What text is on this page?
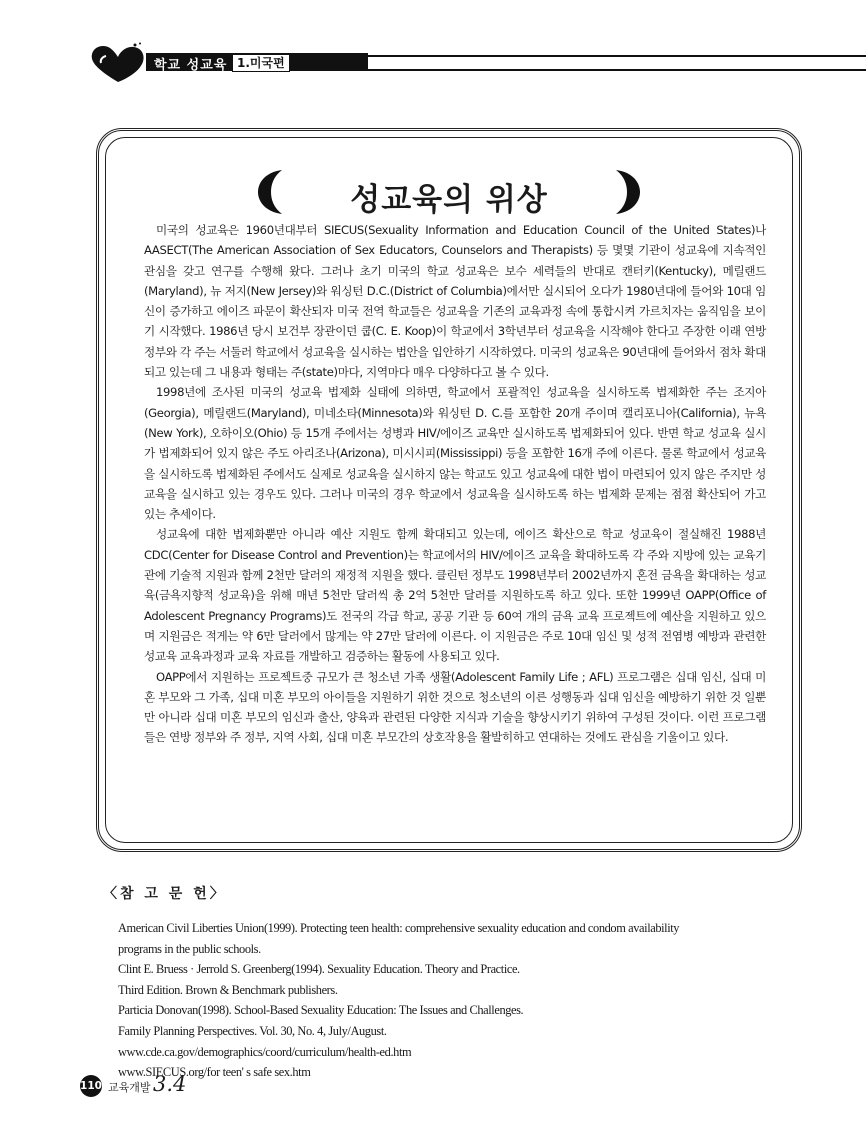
학교 성교육 1.미국편
성교육의 위상

미국의 성교육은 1960년대부터 SIECUS(Sexuality Information and Education Council of the United States)나 AASECT(The American Association of Sex Educators, Counselors and Therapists) 등 몇몇 기관이 성교육에 지속적인 관심을 갖고 연구를 수행해 왔다. 그러나 초기 미국의 학교 성교육은 보수 세력들의 반대로 캔터키(Kentucky), 메릴랜드(Maryland), 뉴 저지(New Jersey)와 워싱턴 D.C.(District of Columbia)에서만 실시되어 오다가 1980년대에 들어와 10대 임신이 증가하고 에이즈 파문이 확산되자 미국 전역 학교들은 성교육을 기존의 교육과정 속에 통합시켜 가르치자는 움직임을 보이기 시작했다. 1986년 당시 보건부 장관이던 쿱(C. E. Koop)이 학교에서 3학년부터 성교육을 시작해야 한다고 주장한 이래 연방 정부와 각 주는 서둘러 학교에서 성교육을 실시하는 법안을 입안하기 시작하였다. 미국의 성교육은 90년대에 들어와서 점차 확대되고 있는데 그 내용과 형태는 주(state)마다, 지역마다 매우 다양하다고 볼 수 있다.

1998년에 조사된 미국의 성교육 법제화 실태에 의하면, 학교에서 포괄적인 성교육을 실시하도록 법제화한 주는 조지아(Georgia), 메릴랜드(Maryland), 미네소타(Minnesota)와 워싱턴 D. C.를 포함한 20개 주이며 캘리포니아(California), 뉴욕(New York), 오하이오(Ohio) 등 15개 주에서는 성병과 HIV/에이즈 교육만 실시하도록 법제화되어 있다. 반면 학교 성교육 실시가 법제화되어 있지 않은 주도 아리조나(Arizona), 미시시피(Mississippi) 등을 포함한 16개 주에 이른다. 물론 학교에서 성교육을 실시하도록 법제화된 주에서도 실제로 성교육을 실시하지 않는 학교도 있고 성교육에 대한 법이 마련되어 있지 않은 주지만 성교육을 실시하고 있는 경우도 있다. 그러나 미국의 경우 학교에서 성교육을 실시하도록 하는 법제화 문제는 점점 확산되어 가고 있는 추세이다.

성교육에 대한 법제화뿐만 아니라 예산 지원도 함께 확대되고 있는데, 에이즈 확산으로 학교 성교육이 절실해진 1988년 CDC(Center for Disease Control and Prevention)는 학교에서의 HIV/에이즈 교육을 확대하도록 각 주와 지방에 있는 교육기관에 기술적 지원과 함께 2천만 달러의 재정적 지원을 했다. 클린턴 정부도 1998년부터 2002년까지 혼전 금욕을 확대하는 성교육(금욕지향적 성교육)을 위해 매년 5천만 달러씩 총 2억 5천만 달러를 지원하도록 하고 있다. 또한 1999년 OAPP(Office of Adolescent Pregnancy Programs)도 전국의 각급 학교, 공공 기관 등 60여 개의 금욕 교육 프로젝트에 예산을 지원하고 있으며 지원금은 적게는 약 6만 달러에서 많게는 약 27만 달러에 이른다. 이 지원금은 주로 10대 임신 및 성적 전염병 예방과 관련한 성교육 교육과정과 교육 자료를 개발하고 검증하는 활동에 사용되고 있다.

OAPP에서 지원하는 프로젝트중 규모가 큰 청소년 가족 생활(Adolescent Family Life ; AFL) 프로그램은 십대 임신, 십대 미혼 부모와 그 가족, 십대 미혼 부모의 아이들을 지원하기 위한 것으로 청소년의 이른 성행동과 십대 임신을 예방하기 위한 것 일뿐만 아니라 십대 미혼 부모의 임신과 출산, 양육과 관련된 다양한 지식과 기술을 향상시키기 위하여 구성된 것이다. 이런 프로그램들은 연방 정부와 주 정부, 지역 사회, 십대 미혼 부모간의 상호작용을 활발히하고 연대하는 것에도 관심을 기울이고 있다.

〈참 고 문 헌〉
American Civil Liberties Union(1999). Protecting teen health: comprehensive sexuality education and condom availability
programs in the public schools.
Clint E. Bruess · Jerrold S. Greenberg(1994). Sexuality Education. Theory and Practice.
Third Edition. Brown & Benchmark publishers.
Particia Donovan(1998). School-Based Sexuality Education: The Issues and Challenges.
Family Planning Perspectives. Vol. 30, No. 4, July/August.
www.cde.ca.gov/demographics/coord/curriculum/health-ed.htm
www.SIECUS.org/for teen' s safe sex.htm
110 교육개발 3.4
